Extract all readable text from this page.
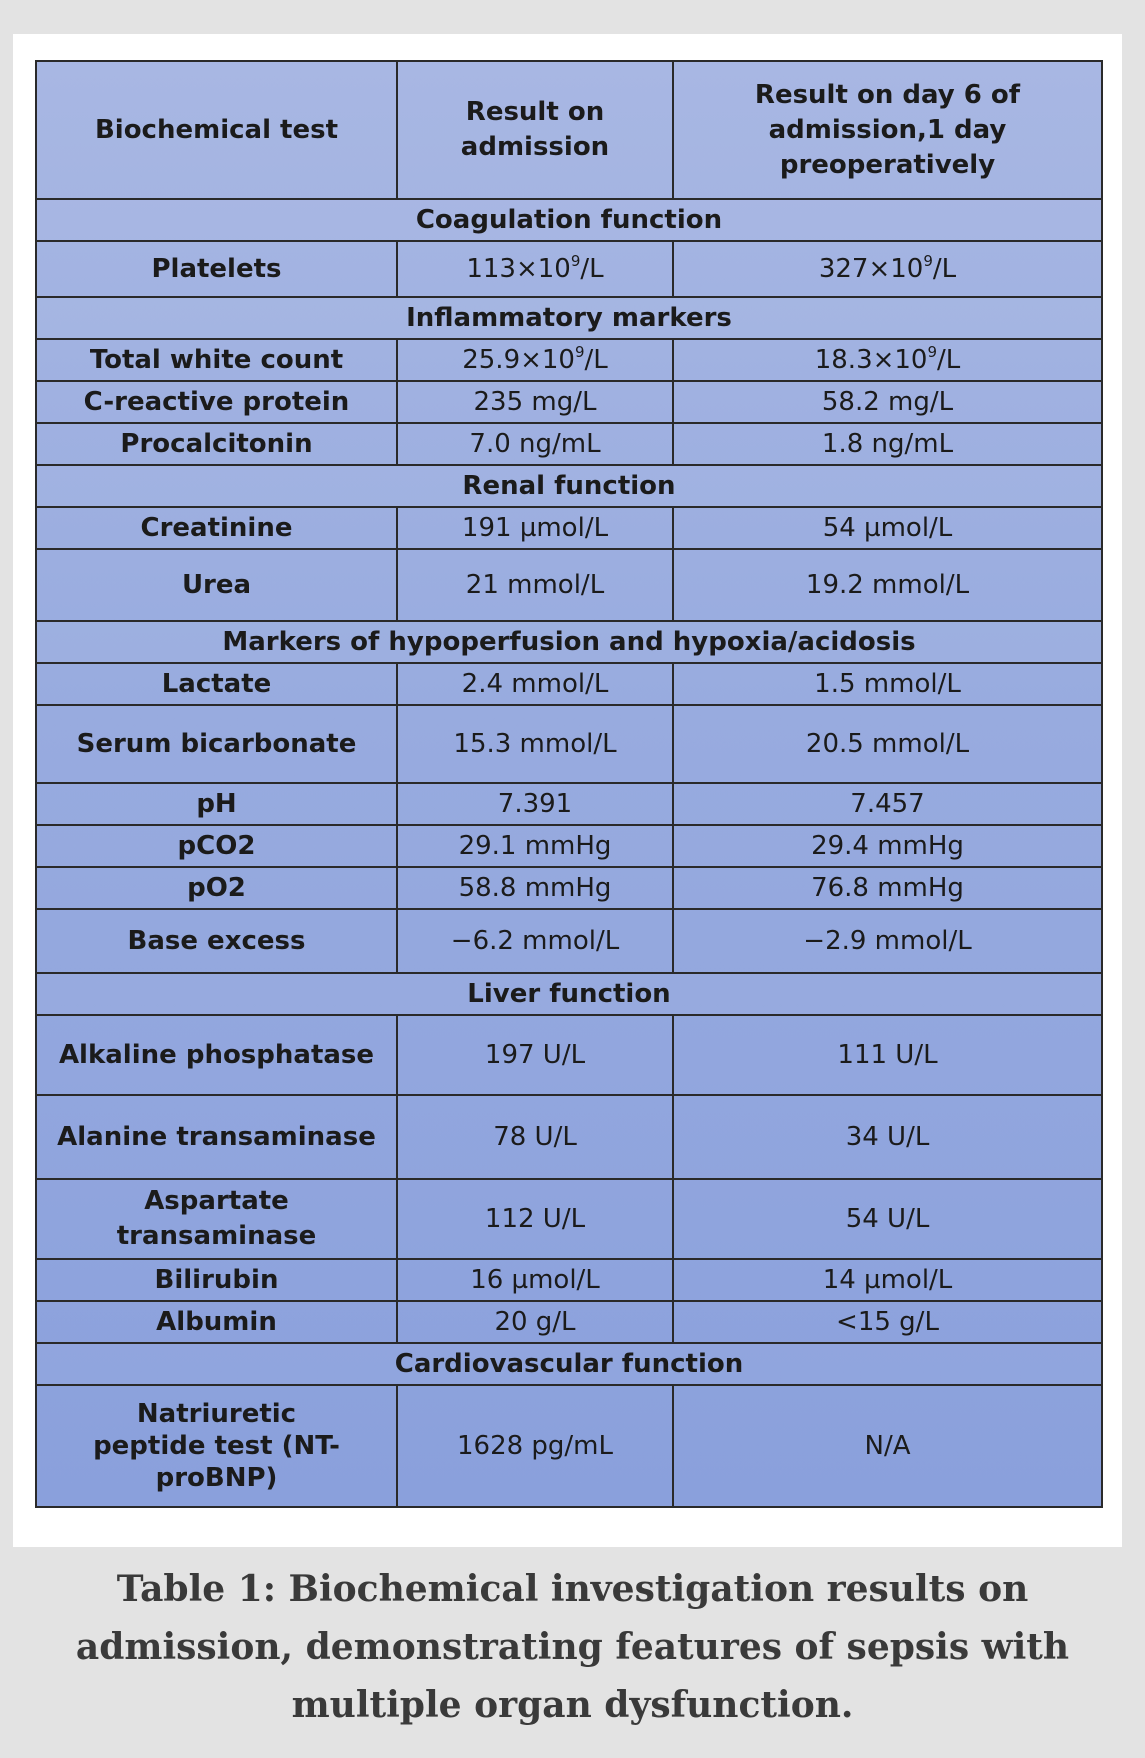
Biochemical test	Result on admission	Result on day 6 of admission,1 day preoperatively
Coagulation function		
Platelets	$113\times 10^9/L$	$327\times 10^9/L$
Inflammatory markers		
Total white count	$25.9\times 10^9/L$	$18.3\times 10^9/L$
C-reactive protein	235 mg/L	58.2 mg/L
Procalcitonin	7.0 ng/mL	1.8 ng/mL
Renal function		
Creatinine	191 µmol/L	54 µmol/L
Urea	21 mmol/L	19.2 mmol/L
Markers of hypoperfusion and hypoxia/acidosis		
Lactate	2.4 mmol/L	1.5 mmol/L
Serum bicarbonate	15.3 mmol/L	20.5 mmol/L
pH	7.391	7.457
pCO2	29.1 mmHg	29.4 mmHg
pO2	58.8 mmHg	76.8 mmHg
Base excess	−6.2 mmol/L	−2.9 mmol/L
Liver function		
Alkaline phosphatase	197 U/L	111 U/L
Alanine transaminase	78 U/L	34 U/L
Aspartate transaminase	112 U/L	54 U/L
Bilirubin	16 µmol/L	14 µmol/L
Albumin	20 g/L	<15 g/L
Cardiovascular function		
Natriuretic peptide test (NT-proBNP)	1628 pg/mL	N/A
Table 1: Biochemical investigation results on admission, demonstrating features of sepsis with multiple organ dysfunction.
